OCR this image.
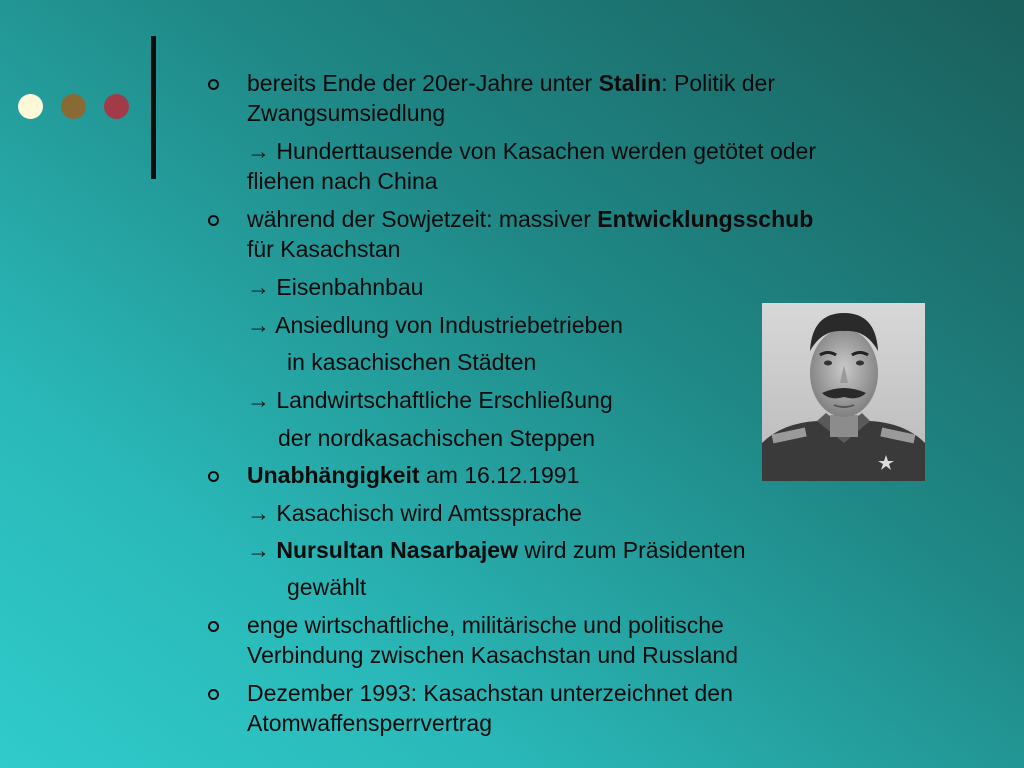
bereits Ende der 20er-Jahre unter Stalin: Politik der
Zwangsumsiedlung
→ Hunderttausende von Kasachen werden getötet oder
fliehen nach China
während der Sowjetzeit: massiver Entwicklungsschub
für Kasachstan
→ Eisenbahnbau
→ Ansiedlung von Industriebetrieben
in kasachischen Städten
→ Landwirtschaftliche Erschließung
der nordkasachischen Steppen
Unabhängigkeit am 16.12.1991
→ Kasachisch wird Amtssprache
→ Nursultan Nasarbajew wird zum Präsidenten
gewählt
enge wirtschaftliche, militärische und politische
Verbindung zwischen Kasachstan und Russland
Dezember 1993: Kasachstan unterzeichnet den
Atomwaffensperrvertrag
